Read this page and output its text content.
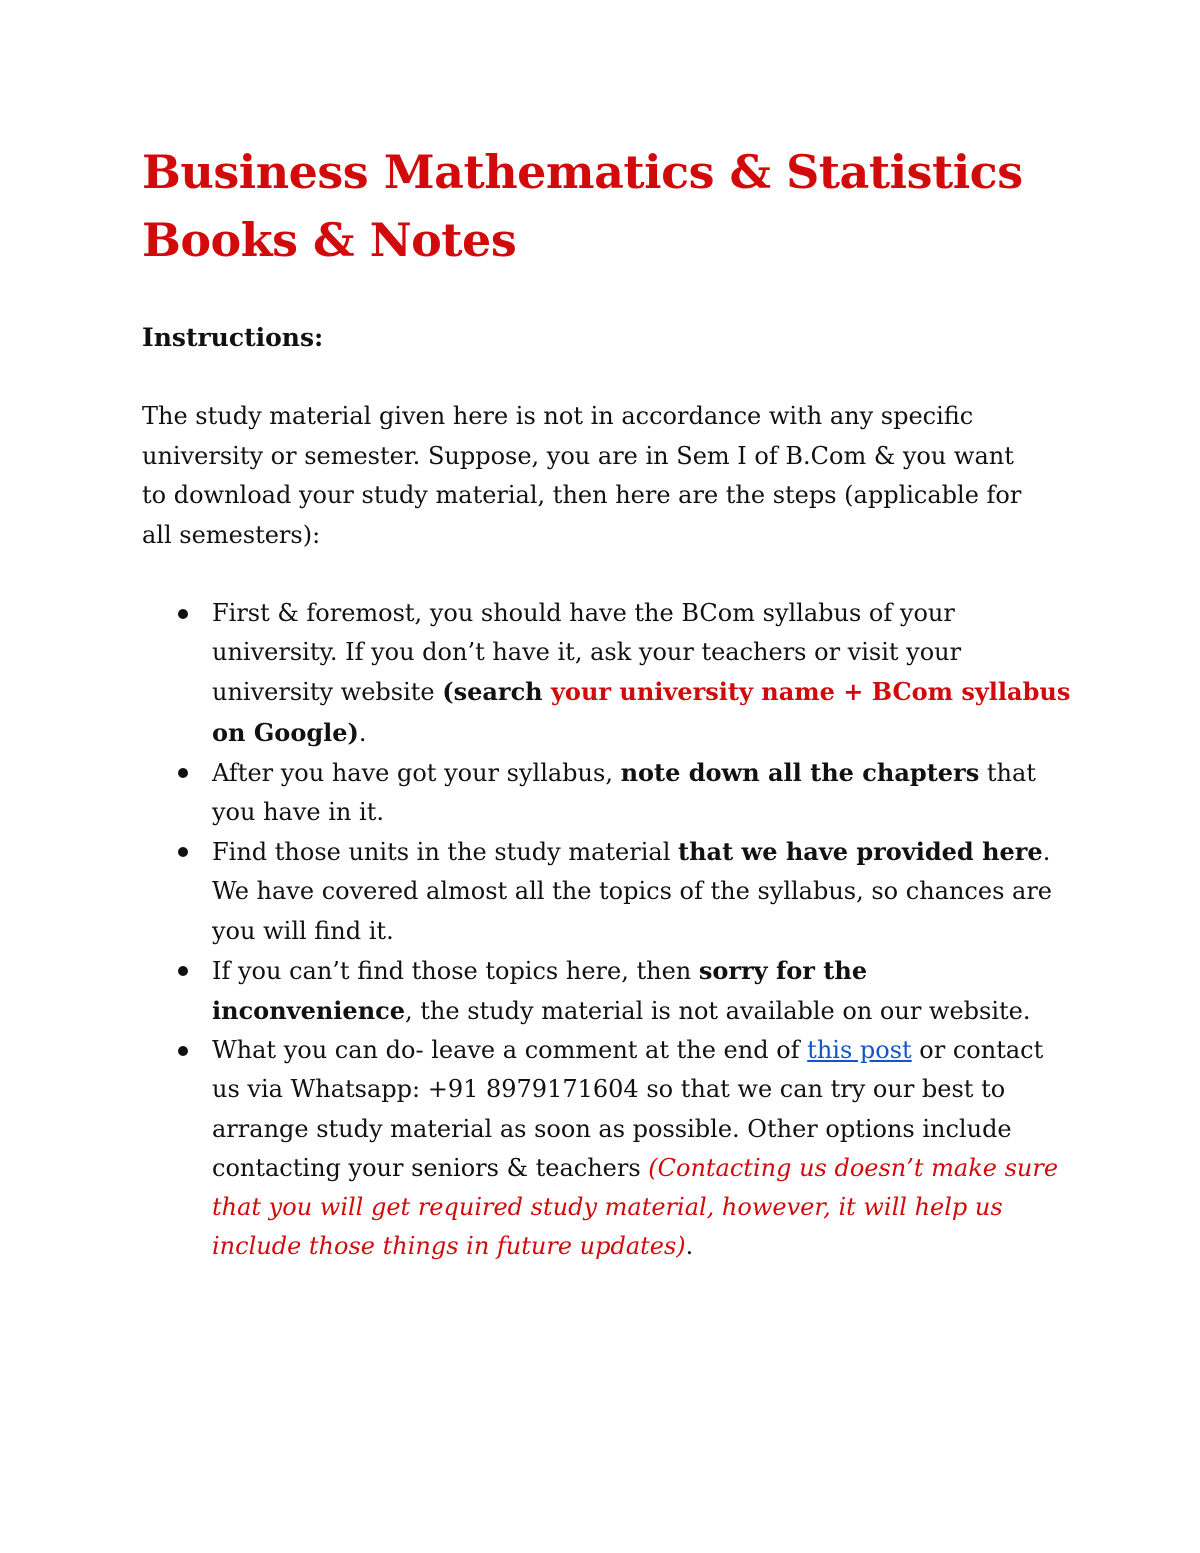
Business Mathematics & Statistics
Books & Notes

Instructions:

The study material given here is not in accordance with any specific university or semester. Suppose, you are in Sem I of B.Com & you want to download your study material, then here are the steps (applicable for all semesters):

First & foremost, you should have the BCom syllabus of your university. If you don’t have it, ask your teachers or visit your university website (search your university name + BCom syllabus on Google).
After you have got your syllabus, note down all the chapters that you have in it.
Find those units in the study material that we have provided here. We have covered almost all the topics of the syllabus, so chances are you will find it.
If you can’t find those topics here, then sorry for the inconvenience, the study material is not available on our website.
What you can do- leave a comment at the end of this post or contact us via Whatsapp: +91 8979171604 so that we can try our best to arrange study material as soon as possible. Other options include contacting your seniors & teachers (Contacting us doesn’t make sure that you will get required study material, however, it will help us include those things in future updates).
